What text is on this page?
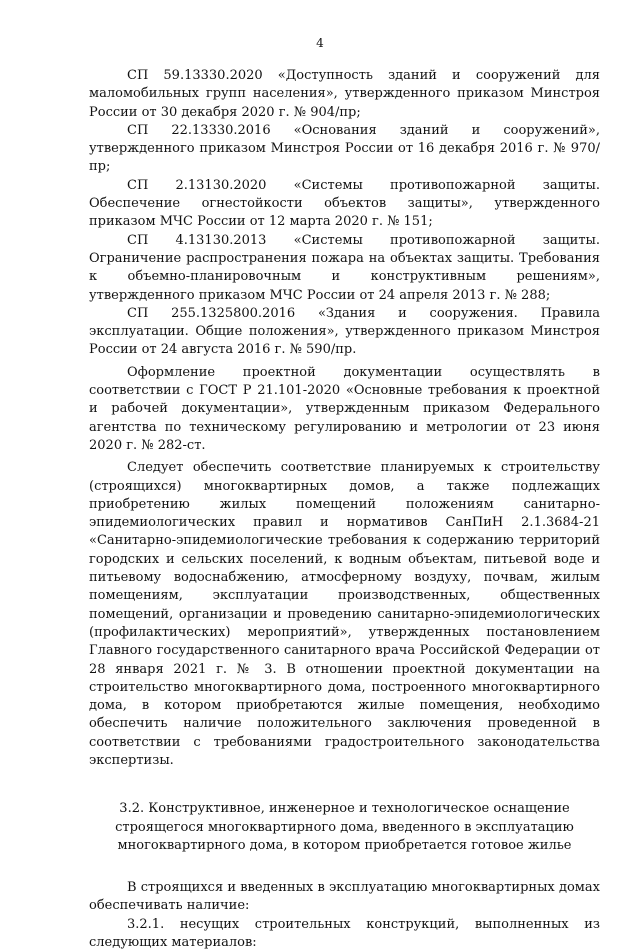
4

СП 59.13330.2020 «Доступность зданий и сооружений для маломобильных групп населения», утвержденного приказом Минстроя России от 30 декабря 2020 г. № 904/пр;

СП 22.13330.2016 «Основания зданий и сооружений», утвержденного приказом Минстроя России от 16 декабря 2016 г. № 970/пр;

СП 2.13130.2020 «Системы противопожарной защиты. Обеспечение огнестойкости объектов защиты», утвержденного приказом МЧС России от 12 марта 2020 г. № 151;

СП 4.13130.2013 «Системы противопожарной защиты. Ограничение распространения пожара на объектах защиты. Требования к объемно-планировочным и конструктивным решениям», утвержденного приказом МЧС России от 24 апреля 2013 г. № 288;

СП 255.1325800.2016 «Здания и сооружения. Правила эксплуатации. Общие положения», утвержденного приказом Минстроя России от 24 августа 2016 г. № 590/пр.

Оформление проектной документации осуществлять в соответствии с ГОСТ Р 21.101-2020 «Основные требования к проектной и рабочей документации», утвержденным приказом Федерального агентства по техническому регулированию и метрологии от 23 июня 2020 г. № 282-ст.

Следует обеспечить соответствие планируемых к строительству (строящихся) многоквартирных домов, а также подлежащих приобретению жилых помещений положениям санитарно-эпидемиологических правил и нормативов СанПиН 2.1.3684-21 «Санитарно-эпидемиологические требования к содержанию территорий городских и сельских поселений, к водным объектам, питьевой воде и питьевому водоснабжению, атмосферному воздуху, почвам, жилым помещениям, эксплуатации производственных, общественных помещений, организации и проведению санитарно-эпидемиологических (профилактических) мероприятий», утвержденных постановлением Главного государственного санитарного врача Российской Федерации от 28 января 2021 г. № 3. В отношении проектной документации на строительство многоквартирного дома, построенного многоквартирного дома, в котором приобретаются жилые помещения, необходимо обеспечить наличие положительного заключения проведенной в соответствии с требованиями градостроительного законодательства экспертизы.

3.2. Конструктивное, инженерное и технологическое оснащение строящегося многоквартирного дома, введенного в эксплуатацию многоквартирного дома, в котором приобретается готовое жилье

В строящихся и введенных в эксплуатацию многоквартирных домах обеспечивать наличие:

3.2.1. несущих строительных конструкций, выполненных из следующих материалов:
